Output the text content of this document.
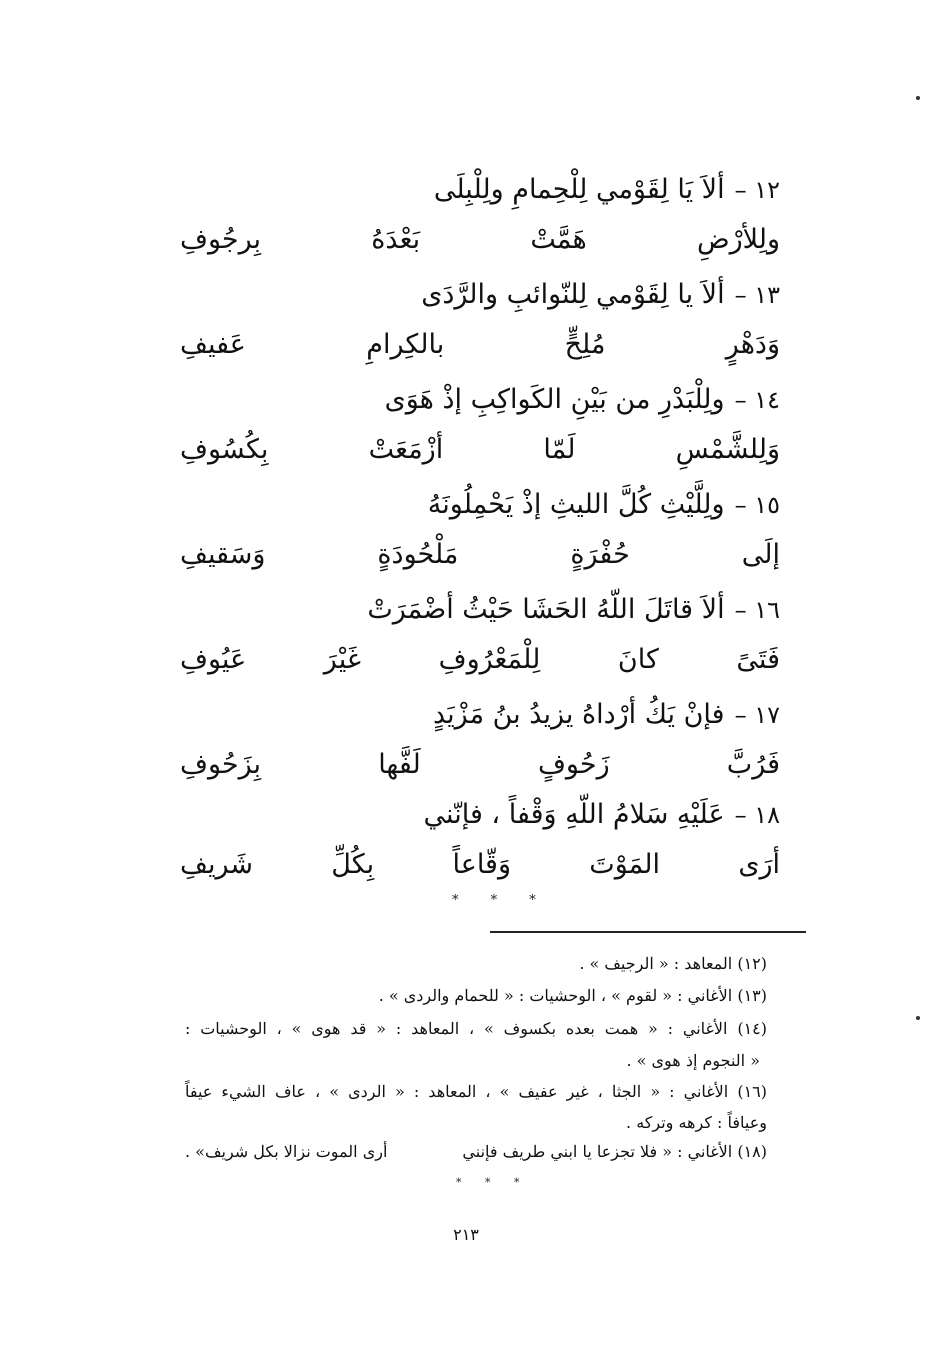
١٢ –ألاَ يَا لِقَوْمي لِلْحِمامِ ولِلْبِلَى
ولِلأرْضِ هَمَّتْ بَعْدَهُ بِرجُوفِ
١٣ –ألاَ يا لِقَوْمي لِلنّوائبِ والرَّدَى
وَدَهْرٍ مُلِحٍّ بالكِرامِ عَفيفِ
١٤ –ولِلْبَدْرِ من بَيْنِ الكَواكِبِ إذْ هَوَى
وَلِلشَّمْسِ لَمّا أزْمَعَتْ بِكُسُوفِ
١٥ –ولِلَّيْثِ كُلَّ الليثِ إذْ يَحْمِلُونَهُ
إلَى حُفْرَةٍ مَلْحُودَةٍ وَسَقيفِ
١٦ –ألاَ قاتَلَ اللّهُ الحَشَا حَيْثُ أضْمَرَتْ
فَتَىً كانَ لِلْمَعْرُوفِ غَيْرَ عَيُوفِ
١٧ –فإنْ يَكُ أرْداهُ يزيدُ بنُ مَزْيَدٍ
فَرُبَّ زَحُوفٍ لَفَّها بِزَحُوفِ
١٨ –عَلَيْهِ سَلامُ اللّهِ وَقْفاً ، فإنّني
أرَى المَوْتَ وَقّاعاً بِكُلِّ شَريفِ
* * *
(١٢) المعاهد : « الرجيف » .
(١٣) الأغاني : « لقوم » ، الوحشيات : « للحمام والردى » .
(١٤) الأغاني : « همت بعده بكسوف » ، المعاهد : « قد هوى » ، الوحشيات :
« النجوم إذ هوى » .
(١٦) الأغاني : « الجثا ، غير عفيف » ، المعاهد : « الردى » ، عاف الشيء عيفاً
وعيافاً : كرهه وتركه .
(١٨) الأغاني : « فلا تجزعا يا ابني طريف فإنني
أرى الموت نزالا بكل شريف» .
* * *
٢١٣
